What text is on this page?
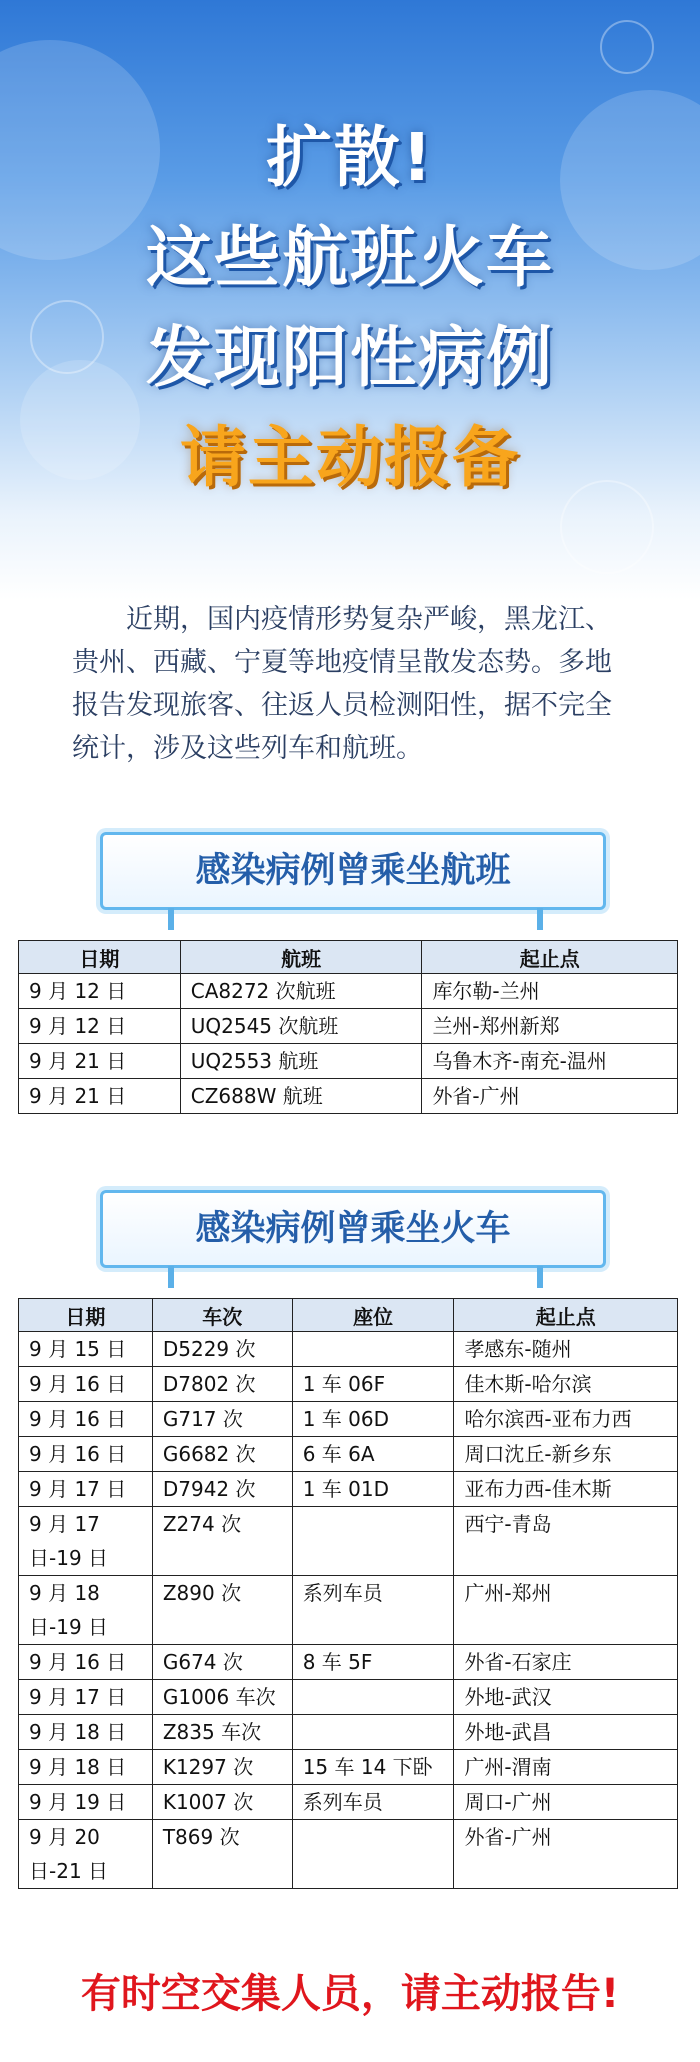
扩散!
这些航班火车
发现阳性病例
请主动报备
近期，国内疫情形势复杂严峻，黑龙江、贵州、西藏、宁夏等地疫情呈散发态势。多地报告发现旅客、往返人员检测阳性，据不完全统计，涉及这些列车和航班。
感染病例曾乘坐航班
日期	航班	起止点
9 月 12 日	CA8272 次航班	库尔勒-兰州
9 月 12 日	UQ2545 次航班	兰州-郑州新郑
9 月 21 日	UQ2553 航班	乌鲁木齐-南充-温州
9 月 21 日	CZ688W 航班	外省-广州
感染病例曾乘坐火车
日期	车次	座位	起止点
9 月 15 日	D5229 次		孝感东-随州
9 月 16 日	D7802 次	1 车 06F	佳木斯-哈尔滨
9 月 16 日	G717 次	1 车 06D	哈尔滨西-亚布力西
9 月 16 日	G6682 次	6 车 6A	周口沈丘-新乡东
9 月 17 日	D7942 次	1 车 01D	亚布力西-佳木斯
9 月 17 日-19 日	Z274 次		西宁-青岛
9 月 18 日-19 日	Z890 次	系列车员	广州-郑州
9 月 16 日	G674 次	8 车 5F	外省-石家庄
9 月 17 日	G1006 车次		外地-武汉
9 月 18 日	Z835 车次		外地-武昌
9 月 18 日	K1297 次	15 车 14 下卧	广州-渭南
9 月 19 日	K1007 次	系列车员	周口-广州
9 月 20 日-21 日	T869 次		外省-广州
有时空交集人员，请主动报告!
